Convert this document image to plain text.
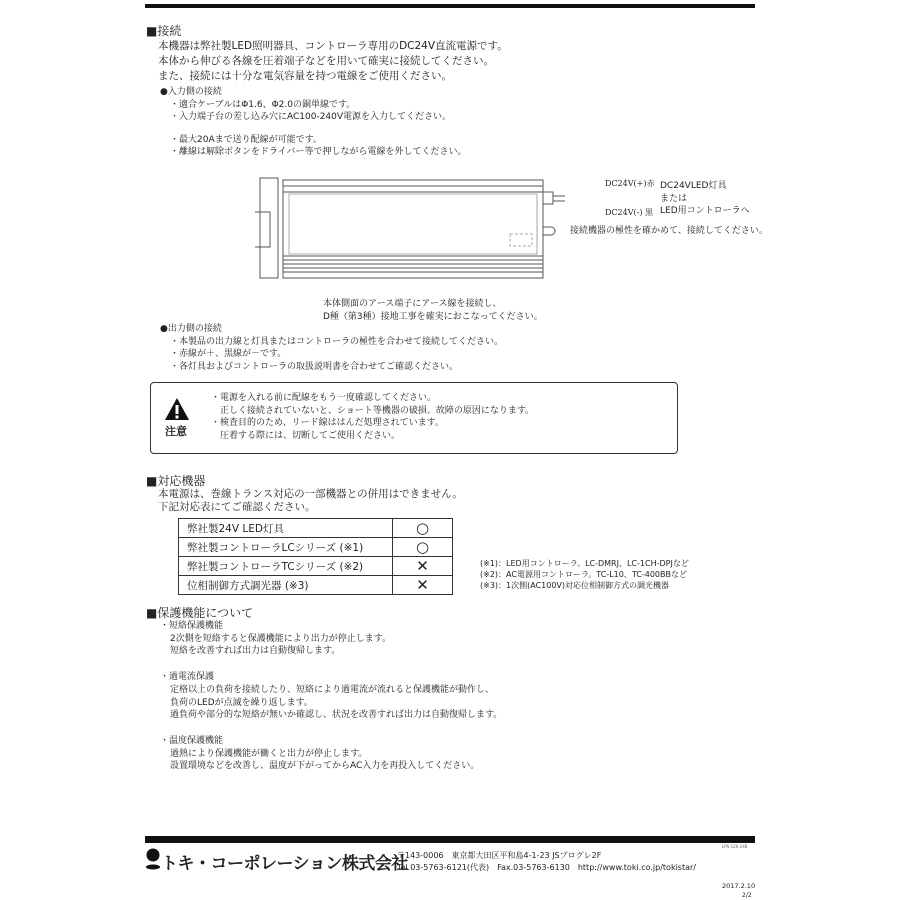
■接続
本機器は弊社製LED照明器具、コントローラ専用のDC24V直流電源です。
本体から伸びる各線を圧着端子などを用いて確実に接続してください。
また、接続には十分な電気容量を持つ電線をご使用ください。
●入力側の接続
・適合ケーブルはΦ1.6、Φ2.0の銅単線です。
・入力端子台の差し込み穴にAC100-240V電源を入力してください。
・最大20Aまで送り配線が可能です。
・離線は解除ボタンをドライバー等で押しながら電線を外してください。
DC24V(+)赤
DC24V(-) 黒
DC24VLED灯具
または
LED用コントローラへ
接続機器の極性を確かめて、接続してください。
本体側面のアース端子にアース線を接続し、
D種（第3種）接地工事を確実におこなってください。
●出力側の接続
・本製品の出力線と灯具またはコントローラの極性を合わせて接続してください。
・赤線が＋、黒線が－です。
・各灯具およびコントローラの取扱説明書を合わせてご確認ください。
注意
・電源を入れる前に配線をもう一度確認してください。
　正しく接続されていないと、ショート等機器の破損、故障の原因になります。
・検査目的のため、リード線ははんだ処理されています。
　圧着する際には、切断してご使用ください。
■対応機器
本電源は、巻線トランス対応の一部機器との併用はできません。
下記対応表にてご確認ください。
弊社製24V LED灯具	○
弊社製コントローラLCシリーズ (※1)	○
弊社製コントローラTCシリーズ (※2)	✕
位相制御方式調光器 (※3)	✕
(※1)：LED用コントローラ。LC-DMRJ、LC-1CH-DPJなど
(※2)：AC電源用コントローラ。TC-L10、TC-400BBなど
(※3)：1次側(AC100V)対応位相制御方式の調光機器
■保護機能について
・短絡保護機能
2次側を短絡すると保護機能により出力が停止します。
短絡を改善すれば出力は自動復帰します。
・過電流保護
定格以上の負荷を接続したり、短絡により過電流が流れると保護機能が動作し、
負荷のLEDが点滅を繰り返します。
過負荷や部分的な短絡が無いか確認し、状況を改善すれば出力は自動復帰します。
・温度保護機能
過熱により保護機能が働くと出力が停止します。
設置環境などを改善し、温度が下がってからAC入力を再投入してください。
LPS-120-24B
トキ・コーポレーション株式会社
〒143-0006　東京都大田区平和島4-1-23 JSプログレ2F
Tel.03-5763-6121(代表)　Fax.03-5763-6130　http://www.toki.co.jp/tokistar/
2017.2.10
2/2
